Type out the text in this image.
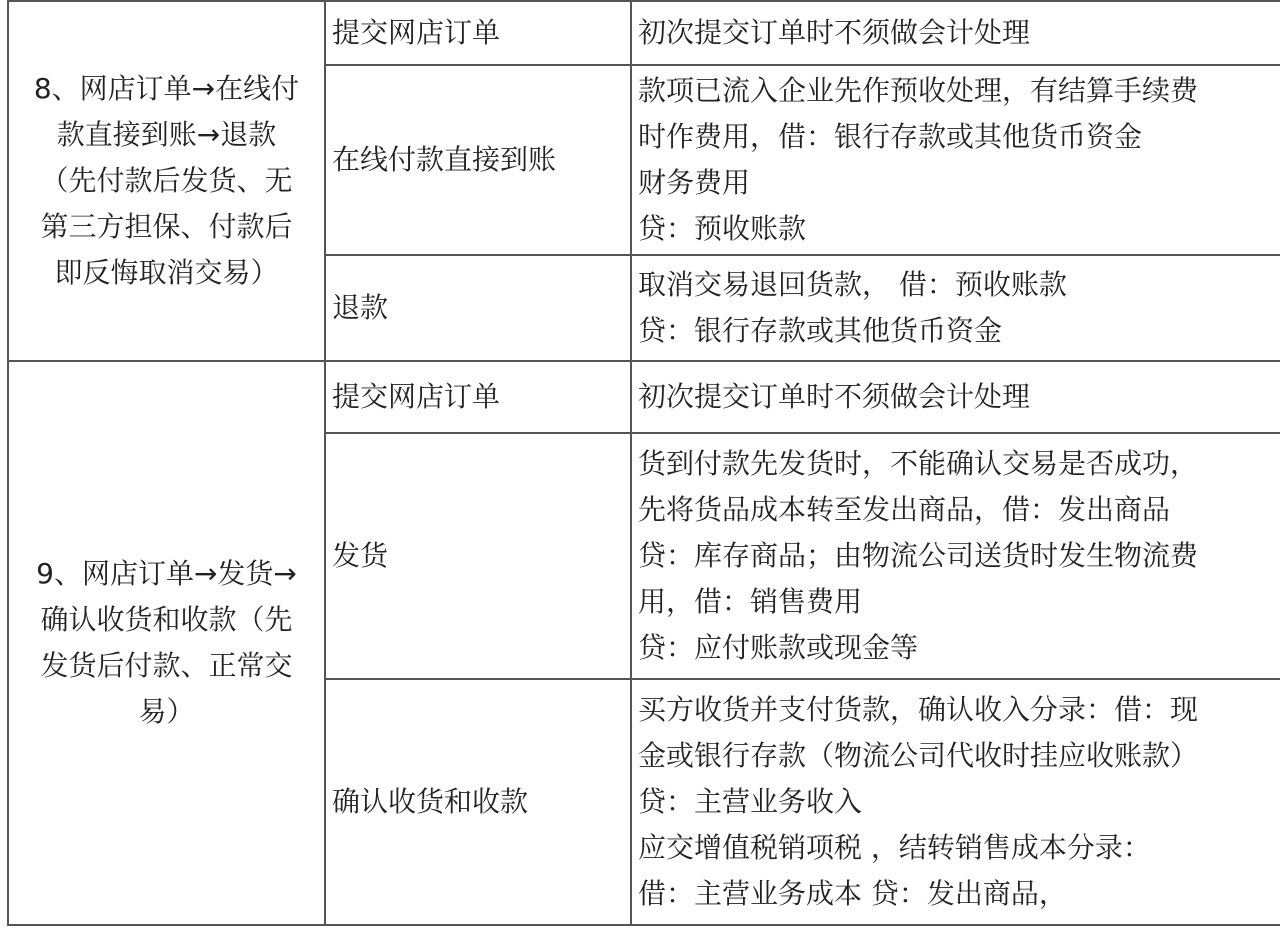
8、网店订单→在线付
款直接到账→退款
（先付款后发货、无
第三方担保、付款后
即反悔取消交易）	提交网店订单	初次提交订单时不须做会计处理

	在线付款直接到账	款项已流入企业先作预收处理，有结算手续费
时作费用，借：银行存款或其他货币资金
财务费用
贷：预收账款

	退款	取消交易退回货款， 借：预收账款
贷：银行存款或其他货币资金

9、网店订单→发货→
确认收货和收款（先
发货后付款、正常交
易）	提交网店订单	初次提交订单时不须做会计处理

	发货	货到付款先发货时，不能确认交易是否成功，
先将货品成本转至发出商品，借：发出商品
贷：库存商品；由物流公司送货时发生物流费
用，借：销售费用
贷：应付账款或现金等

	确认收货和收款	买方收货并支付货款，确认收入分录：借：现
金或银行存款（物流公司代收时挂应收账款）
贷：主营业务收入
应交增值税销项税 ，结转销售成本分录：
借：主营业务成本 贷：发出商品，
